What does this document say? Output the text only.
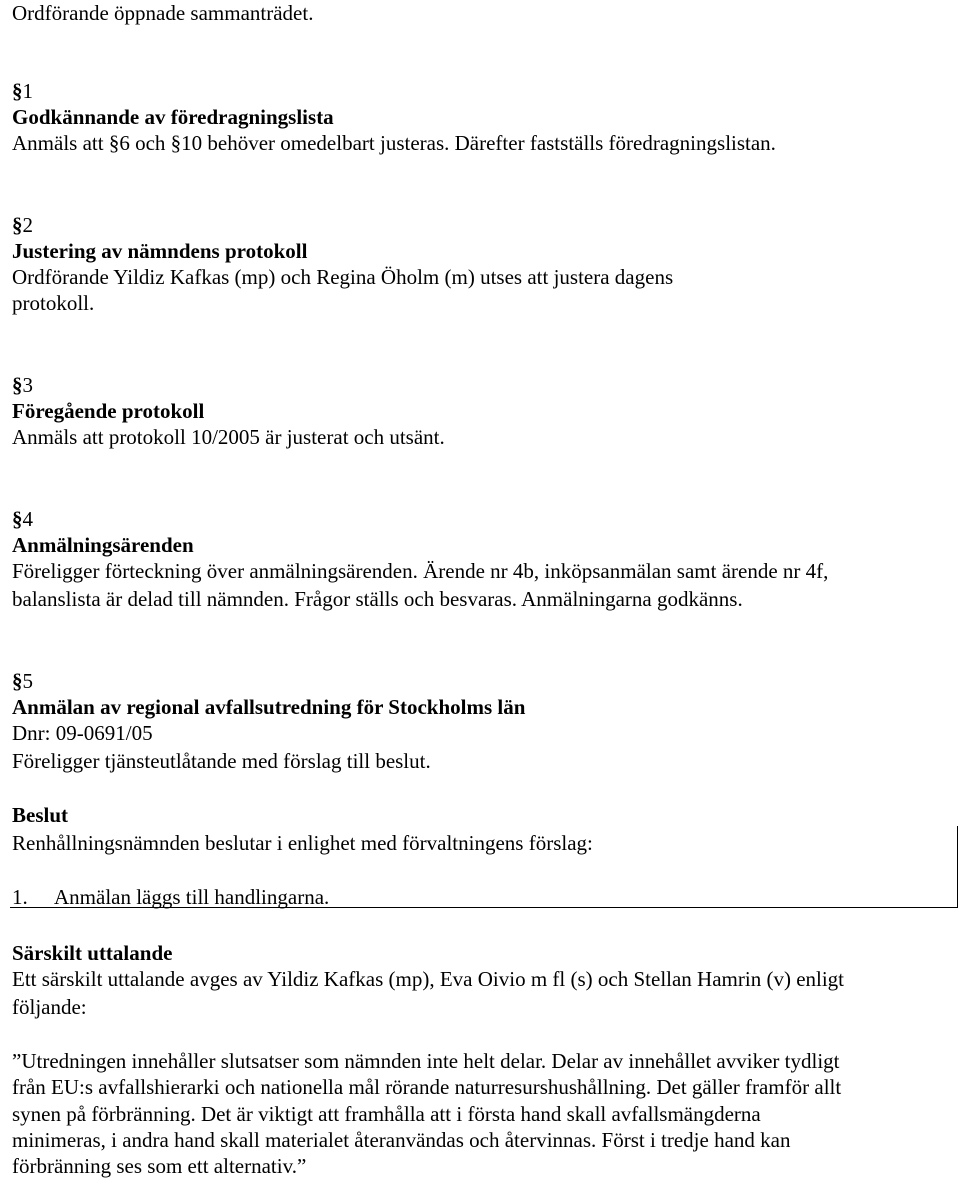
Ordförande öppnade sammanträdet.
§1
Godkännande av föredragningslista
Anmäls att §6 och §10 behöver omedelbart justeras. Därefter fastställs föredragningslistan.
§2
Justering av nämndens protokoll
Ordförande Yildiz Kafkas (mp) och Regina Öholm (m) utses att justera dagens
protokoll.
§3
Föregående protokoll
Anmäls att protokoll 10/2005 är justerat och utsänt.
§4
Anmälningsärenden
Föreligger förteckning över anmälningsärenden. Ärende nr 4b, inköpsanmälan samt ärende nr 4f,
balanslista är delad till nämnden. Frågor ställs och besvaras. Anmälningarna godkänns.
§5
Anmälan av regional avfallsutredning för Stockholms län
Dnr: 09-0691/05
Föreligger tjänsteutlåtande med förslag till beslut.
Beslut
Renhållningsnämnden beslutar i enlighet med förvaltningens förslag:
1. Anmälan läggs till handlingarna.
Särskilt uttalande
Ett särskilt uttalande avges av Yildiz Kafkas (mp), Eva Oivio m fl (s) och Stellan Hamrin (v) enligt
följande:
”Utredningen innehåller slutsatser som nämnden inte helt delar. Delar av innehållet avviker tydligt
från EU:s avfallshierarki och nationella mål rörande naturresurshushållning. Det gäller framför allt
synen på förbränning. Det är viktigt att framhålla att i första hand skall avfallsmängderna
minimeras, i andra hand skall materialet återanvändas och återvinnas. Först i tredje hand kan
förbränning ses som ett alternativ.”
